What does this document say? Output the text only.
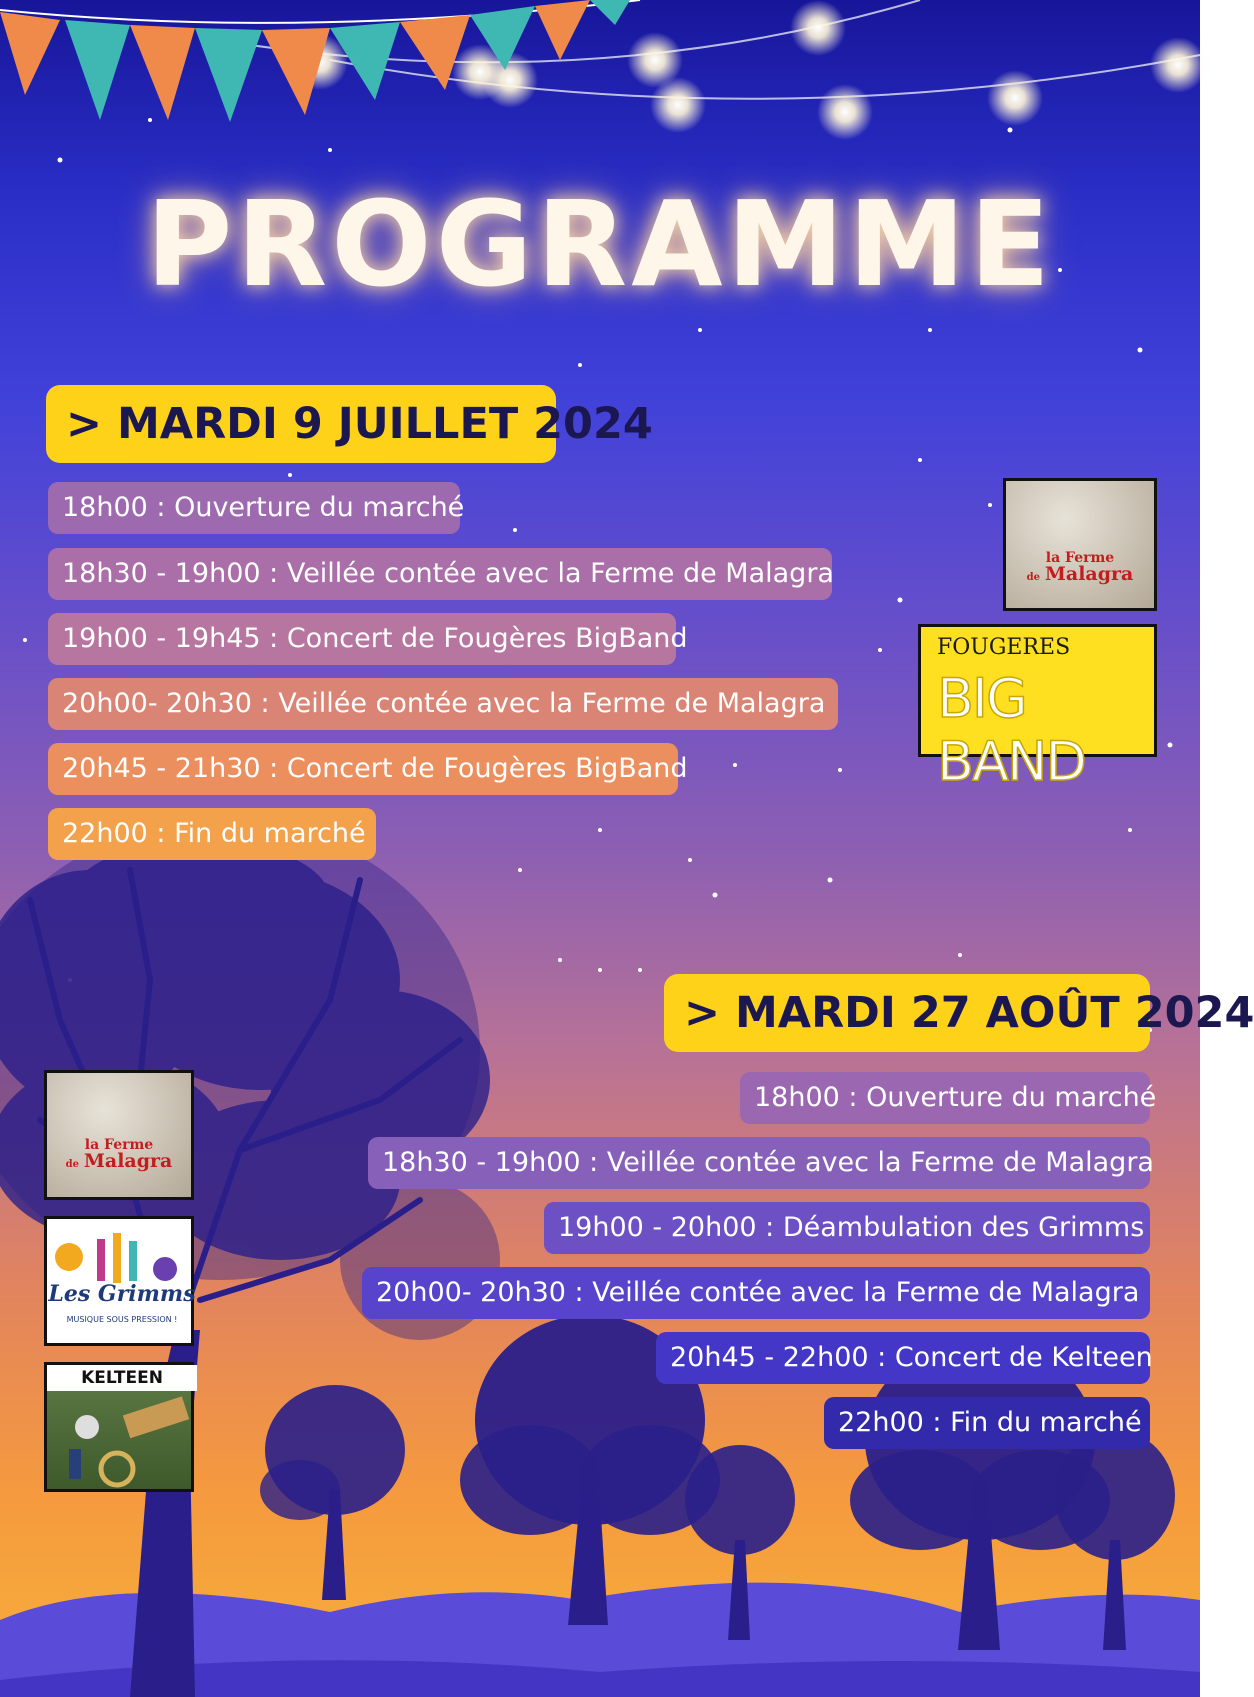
PROGRAMME
> MARDI 9 JUILLET 2024
18h00 : Ouverture du marché
18h30 - 19h00 : Veillée contée avec la Ferme de Malagra
19h00 - 19h45 : Concert de Fougères BigBand
20h00- 20h30 : Veillée contée avec la Ferme de Malagra
20h45 - 21h30 : Concert de Fougères BigBand
22h00 : Fin du marché
> MARDI 27 AOÛT 2024
18h00 : Ouverture du marché
18h30 - 19h00 : Veillée contée avec la Ferme de Malagra
19h00 - 20h00 : Déambulation des Grimms
20h00- 20h30 : Veillée contée avec la Ferme de Malagra
20h45 - 22h00 : Concert de Kelteen
22h00 : Fin du marché
la Ferme
de Malagra
FOUGERES
BIG BAND
la Ferme
de Malagra
Les Grimms
MUSIQUE SOUS PRESSION !
KELTEEN
